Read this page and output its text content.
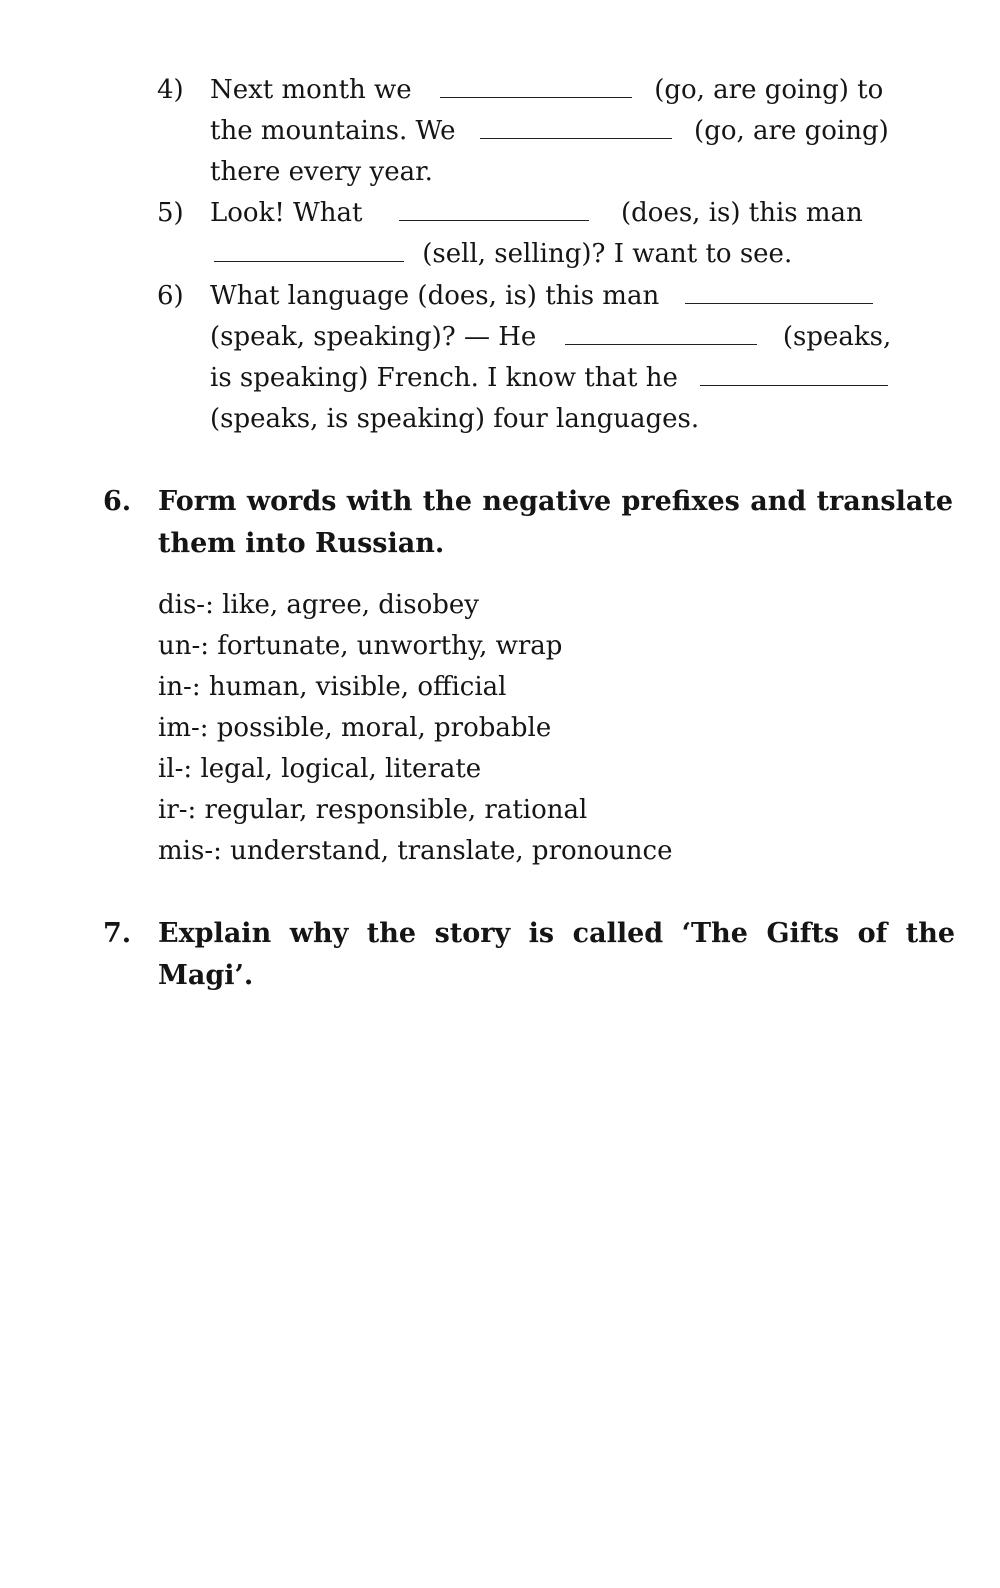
4) Next month we	(go, are going) to
the mountains. We	(go, are going)
there every year.
5) Look! What	(does, is) this man
(sell, selling)? I want to see.
6) What language (does, is) this man
(speak, speaking)? — He	(speaks,
is speaking) French. I know that he
(speaks, is speaking) four languages.
6. Form words with the negative prefixes and translate
them into Russian.
dis-: like, agree, disobey
un-: fortunate, unworthy, wrap
in-: human, visible, official
im-: possible, moral, probable
il-: legal, logical, literate
ir-: regular, responsible, rational
mis-: understand, translate, pronounce
7. Explain why the story is called ‘The Gifts of the
Magi’.
